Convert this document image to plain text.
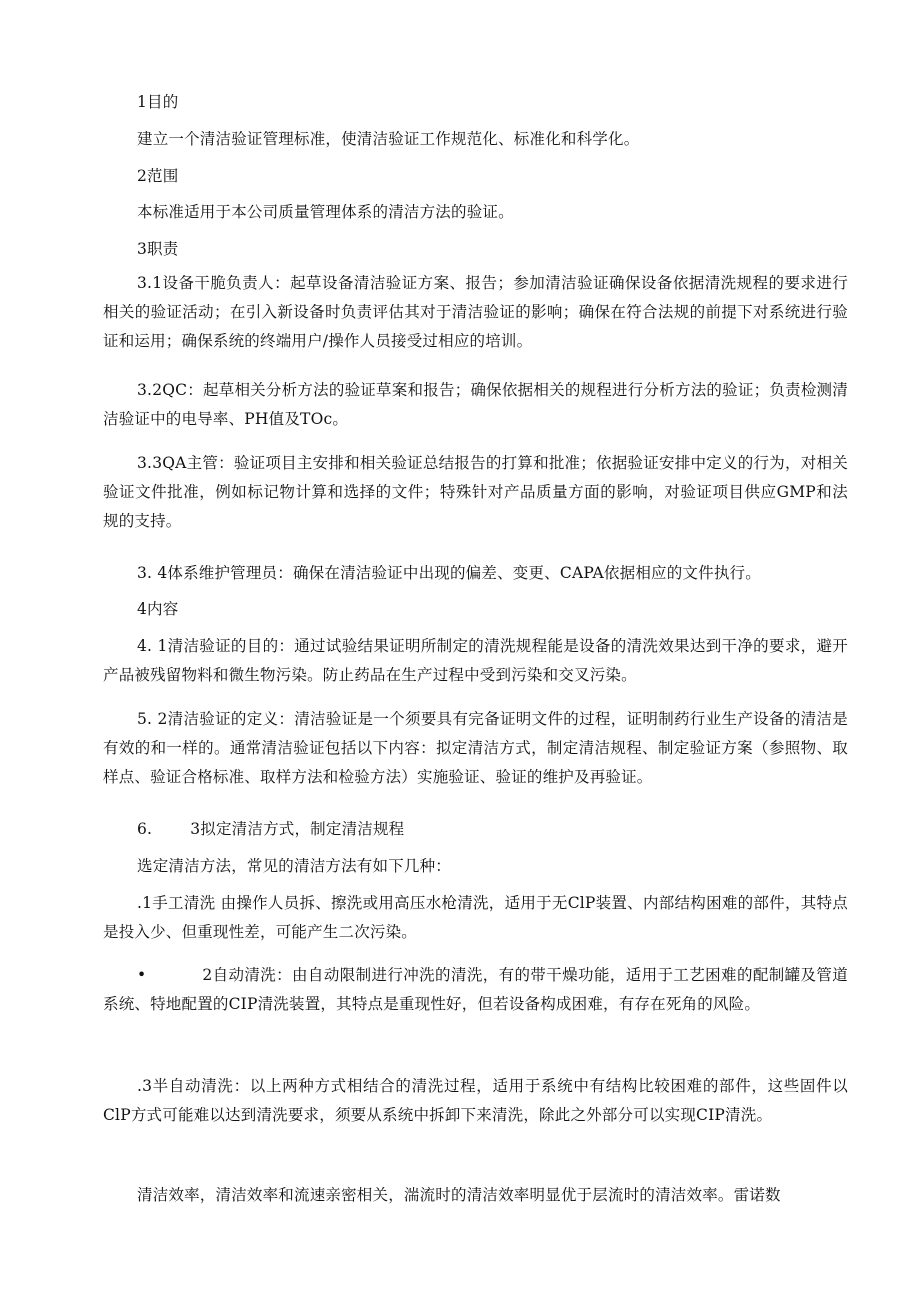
1目的

建立一个清洁验证管理标准，使清洁验证工作规范化、标准化和科学化。

2范围

本标准适用于本公司质量管理体系的清洁方法的验证。

3职责

3.1设备干脆负责人：起草设备清洁验证方案、报告；参加清洁验证确保设备依据清洗规程的要求进行相关的验证活动；在引入新设备时负责评估其对于清洁验证的影响；确保在符合法规的前提下对系统进行验证和运用；确保系统的终端用户/操作人员接受过相应的培训。

3.2QC：起草相关分析方法的验证草案和报告；确保依据相关的规程进行分析方法的验证；负责检测清洁验证中的电导率、PH值及TOc。

3.3QA主管：验证项目主安排和相关验证总结报告的打算和批准；依据验证安排中定义的行为，对相关验证文件批准，例如标记物计算和选择的文件；特殊针对产品质量方面的影响，对验证项目供应GMP和法规的支持。

3. 4体系维护管理员：确保在清洁验证中出现的偏差、变更、CAPA依据相应的文件执行。

4内容

4. 1清洁验证的目的：通过试验结果证明所制定的清洗规程能是设备的清洗效果达到干净的要求，避开产品被残留物料和微生物污染。防止药品在生产过程中受到污染和交叉污染。

5. 2清洁验证的定义：清洁验证是一个须要具有完备证明文件的过程，证明制药行业生产设备的清洁是有效的和一样的。通常清洁验证包括以下内容：拟定清洁方式，制定清洁规程、制定验证方案（参照物、取样点、验证合格标准、取样方法和检验方法）实施验证、验证的维护及再验证。

6. 3拟定清洁方式，制定清洁规程

选定清洁方法，常见的清洁方法有如下几种：

.1手工清洗 由操作人员拆、擦洗或用高压水枪清洗，适用于无ClP装置、内部结构困难的部件，其特点是投入少、但重现性差，可能产生二次污染。

•	2自动清洗：由自动限制进行冲洗的清洗，有的带干燥功能，适用于工艺困难的配制罐及管道系统、特地配置的CIP清洗装置，其特点是重现性好，但若设备构成困难，有存在死角的风险。

.3半自动清洗：以上两种方式相结合的清洗过程，适用于系统中有结构比较困难的部件，这些固件以ClP方式可能难以达到清洗要求，须要从系统中拆卸下来清洗，除此之外部分可以实现CIP清洗。

清洁效率，清洁效率和流速亲密相关，湍流时的清洁效率明显优于层流时的清洁效率。雷诺数
